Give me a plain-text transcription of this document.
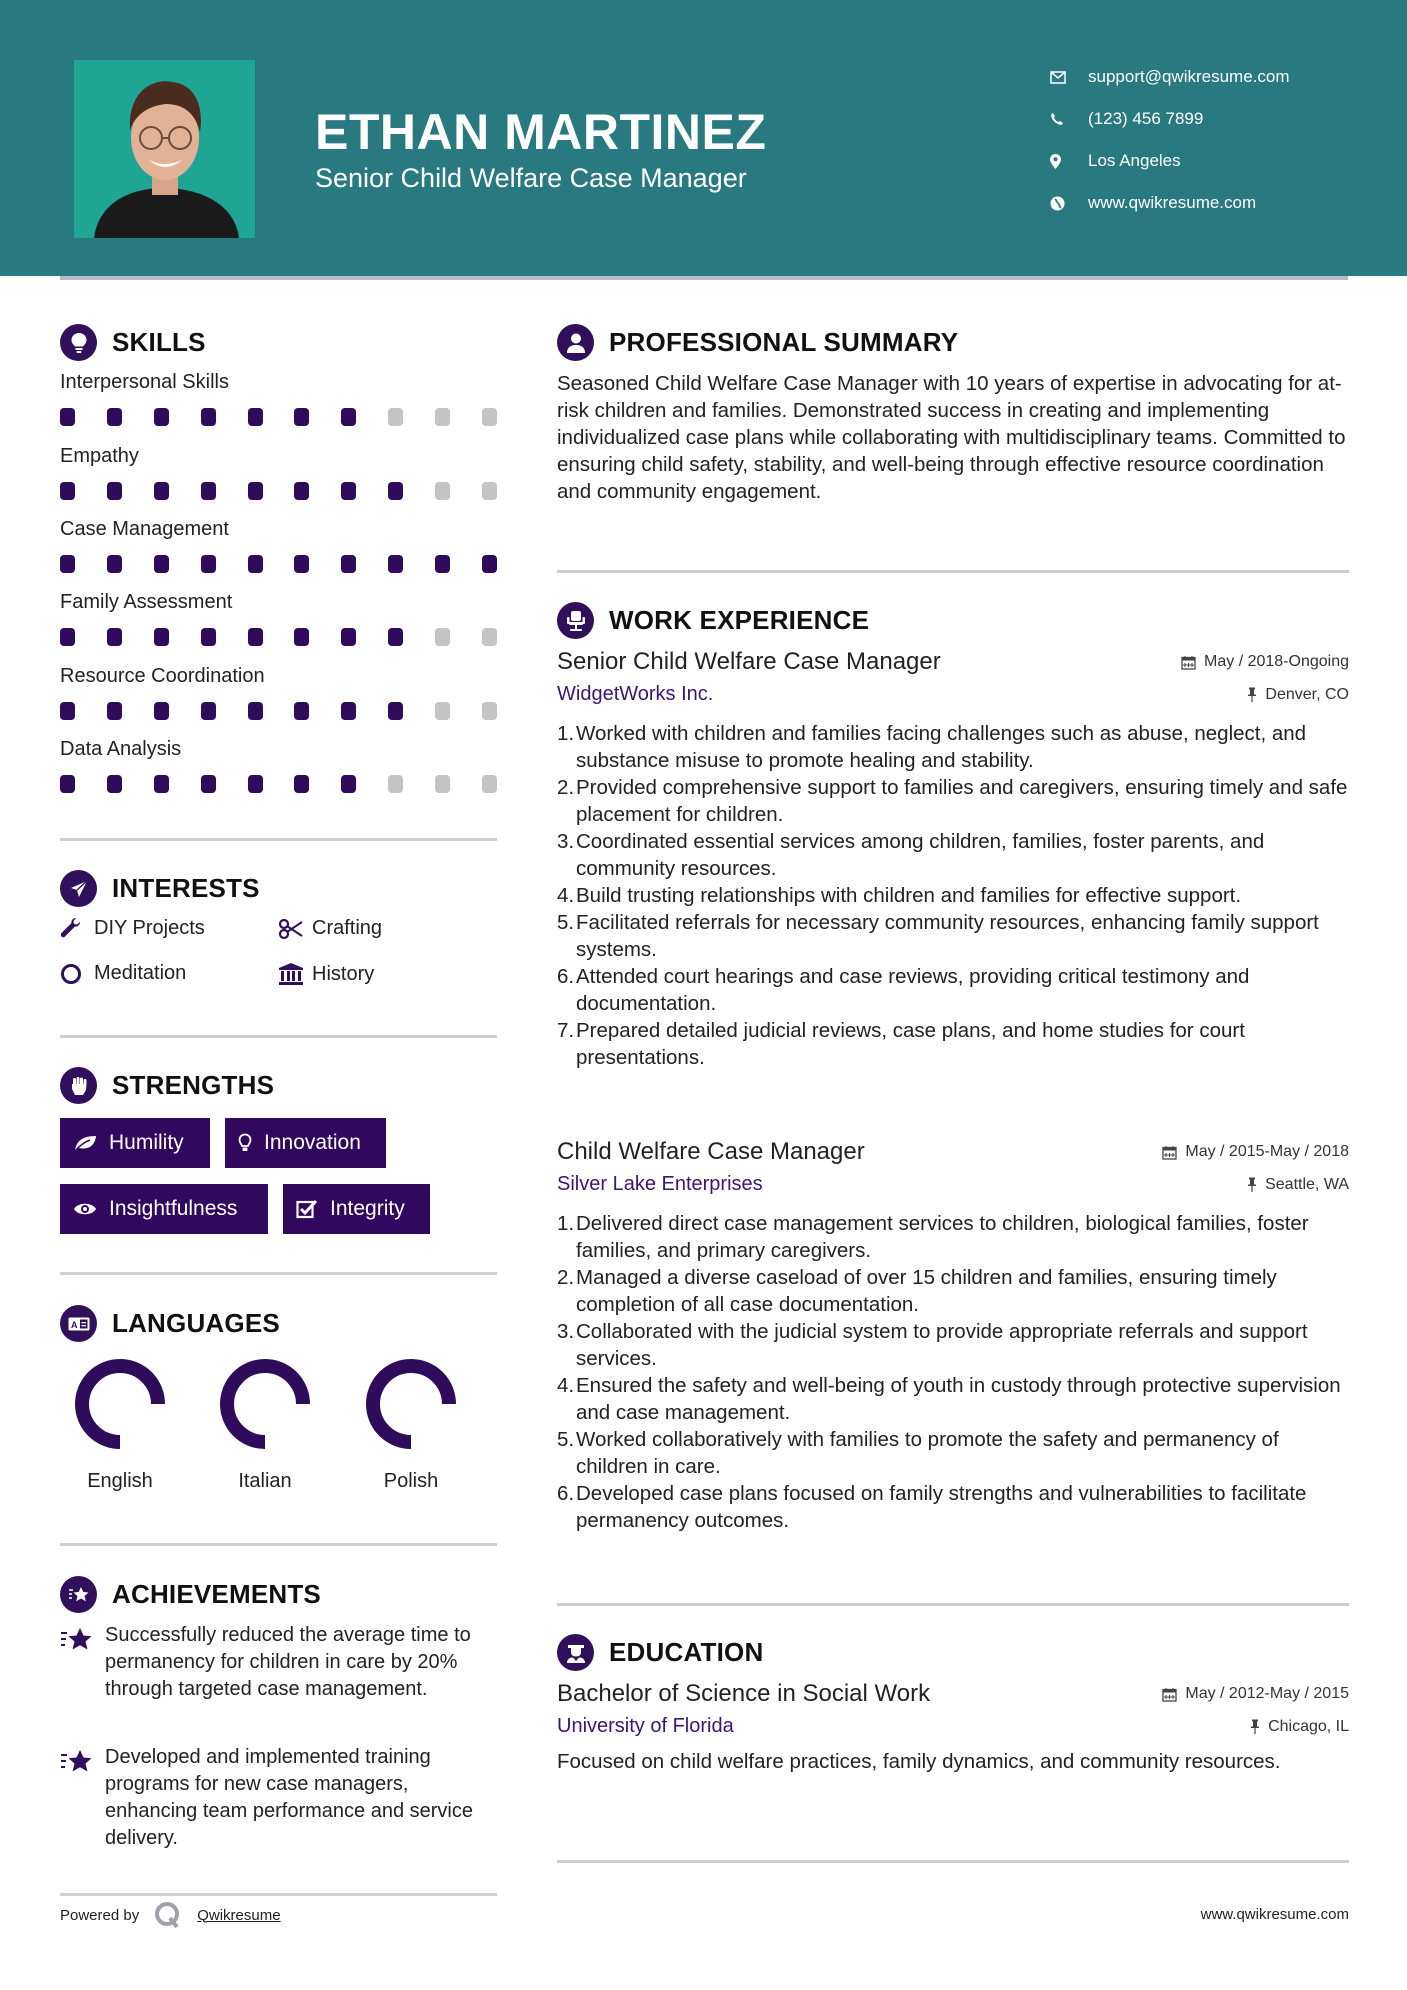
ETHAN MARTINEZ
Senior Child Welfare Case Manager
support@qwikresume.com
(123) 456 7899
Los Angeles
www.qwikresume.com
SKILLS
Interpersonal Skills
Empathy
Case Management
Family Assessment
Resource Coordination
Data Analysis
INTERESTS
DIY Projects	Crafting
Meditation	History
STRENGTHS
Humility	Innovation
Insightfulness	Integrity
A LANGUAGES
English	Italian	Polish
ACHIEVEMENTS
Successfully reduced the average time to permanency for children in care by 20% through targeted case management.
Developed and implemented training programs for new case managers, enhancing team performance and service delivery.
PROFESSIONAL SUMMARY
Seasoned Child Welfare Case Manager with 10 years of expertise in advocating for at-risk children and families. Demonstrated success in creating and implementing individualized case plans while collaborating with multidisciplinary teams. Committed to ensuring child safety, stability, and well-being through effective resource coordination and community engagement.
WORK EXPERIENCE
Senior Child Welfare Case Manager	May / 2018-Ongoing
WidgetWorks Inc.	Denver, CO
1. Worked with children and families facing challenges such as abuse, neglect, and substance misuse to promote healing and stability.
2. Provided comprehensive support to families and caregivers, ensuring timely and safe placement for children.
3. Coordinated essential services among children, families, foster parents, and community resources.
4. Build trusting relationships with children and families for effective support.
5. Facilitated referrals for necessary community resources, enhancing family support systems.
6. Attended court hearings and case reviews, providing critical testimony and documentation.
7. Prepared detailed judicial reviews, case plans, and home studies for court presentations.
Child Welfare Case Manager	May / 2015-May / 2018
Silver Lake Enterprises	Seattle, WA
1. Delivered direct case management services to children, biological families, foster families, and primary caregivers.
2. Managed a diverse caseload of over 15 children and families, ensuring timely completion of all case documentation.
3. Collaborated with the judicial system to provide appropriate referrals and support services.
4. Ensured the safety and well-being of youth in custody through protective supervision and case management.
5. Worked collaboratively with families to promote the safety and permanency of children in care.
6. Developed case plans focused on family strengths and vulnerabilities to facilitate permanency outcomes.
EDUCATION
Bachelor of Science in Social Work	May / 2012-May / 2015
University of Florida	Chicago, IL
Focused on child welfare practices, family dynamics, and community resources.
Powered by	Qwikresume	www.qwikresume.com
